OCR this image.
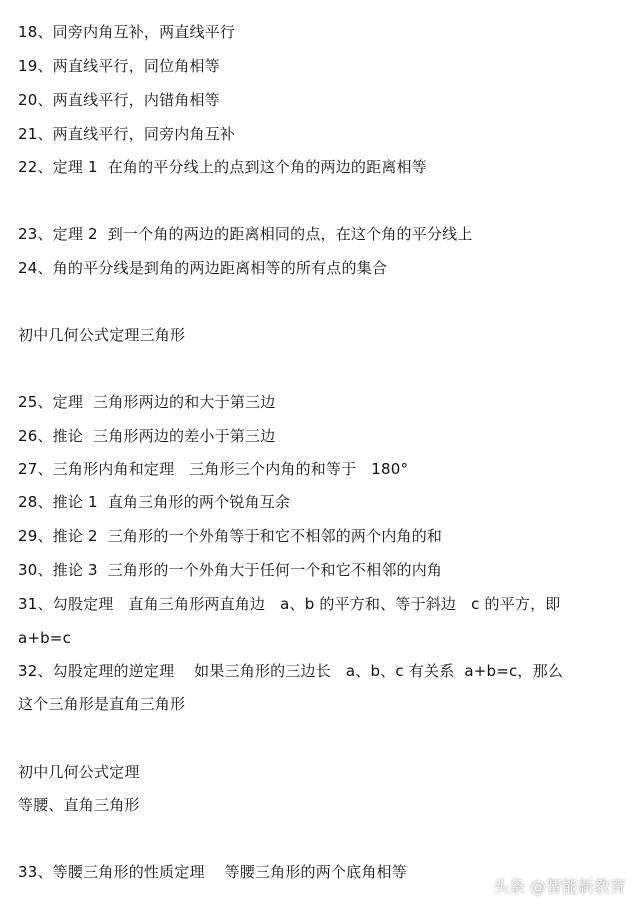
18、同旁内角互补，两直线平行
19、两直线平行，同位角相等
20、两直线平行，内错角相等
21、两直线平行，同旁内角互补
22、定理 1  在角的平分线上的点到这个角的两边的距离相等
23、定理 2  到一个角的两边的距离相同的点，在这个角的平分线上
24、角的平分线是到角的两边距离相等的所有点的集合
初中几何公式定理三角形
25、定理  三角形两边的和大于第三边
26、推论  三角形两边的差小于第三边
27、三角形内角和定理   三角形三个内角的和等于   180°
28、推论 1  直角三角形的两个锐角互余
29、推论 2  三角形的一个外角等于和它不相邻的两个内角的和
30、推论 3  三角形的一个外角大于任何一个和它不相邻的内角
31、勾股定理   直角三角形两直角边   a、b 的平方和、等于斜边   c 的平方，即
a+b=c
32、勾股定理的逆定理    如果三角形的三边长   a、b、c 有关系  a+b=c，那么
这个三角形是直角三角形
初中几何公式定理
等腰、直角三角形
33、等腰三角形的性质定理    等腰三角形的两个底角相等
头条 @智能新教育
